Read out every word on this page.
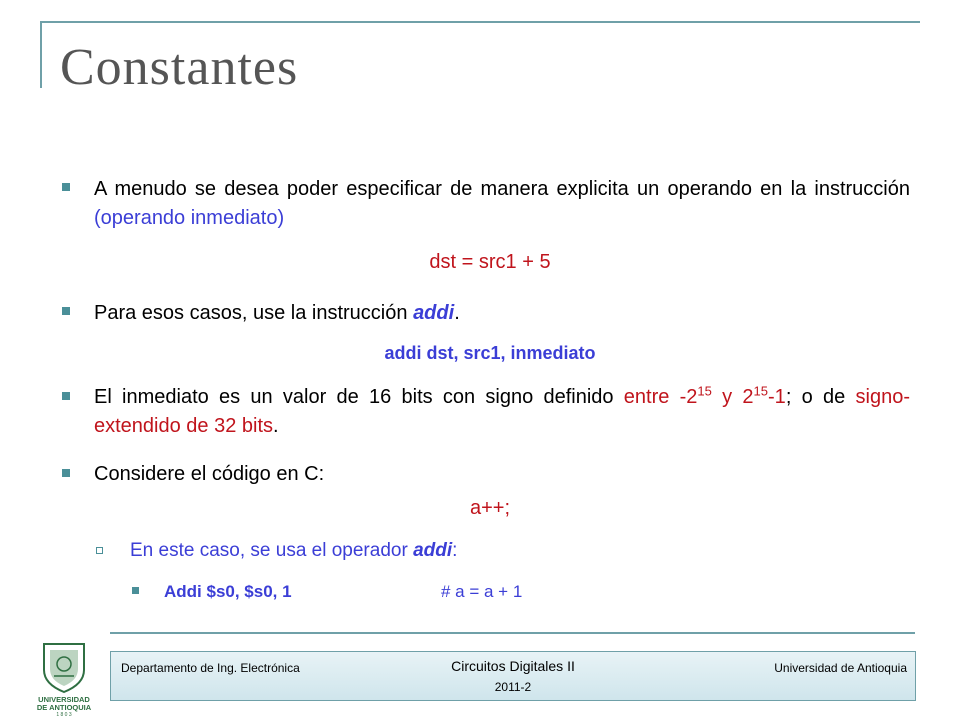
Constantes
A menudo se desea poder especificar de manera explicita un operando en la instrucción (operando inmediato)
dst = src1 + 5
Para esos casos, use la instrucción addi.
addi dst, src1, inmediato
El inmediato es un valor de 16 bits con signo definido entre $-2^{15}$ y $2^{15}-1$; o de signo-extendido de 32 bits.
Considere el código en C:
a++;
En este caso, se usa el operador addi:
Addi $s0, $s0, 1	# a = a + 1
UNIVERSIDAD
DE ANTIOQUIA
1 8 0 3
Departamento de Ing. Electrónica	Circuitos Digitales II
2011-2
Universidad de Antioquia
